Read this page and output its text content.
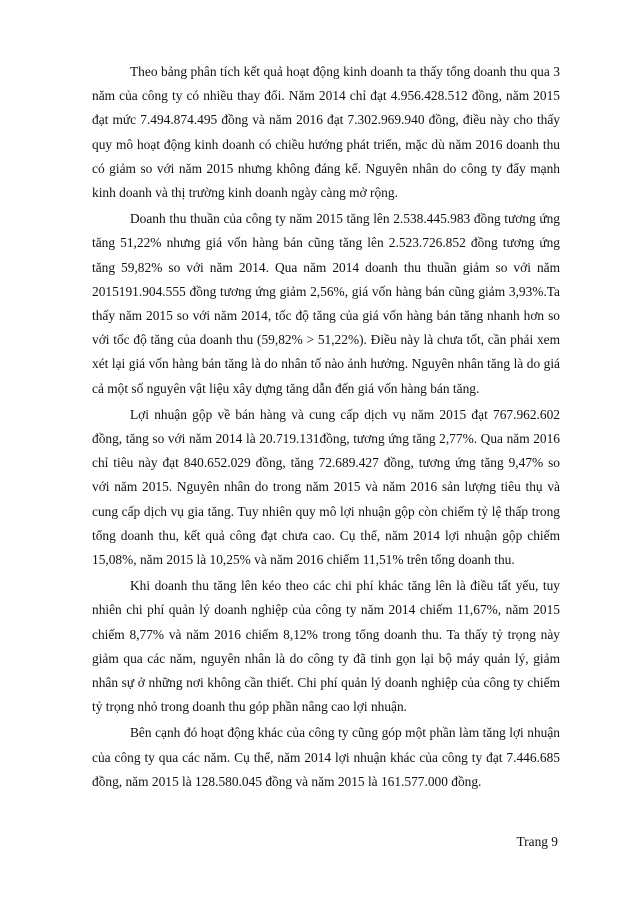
Theo bảng phân tích kết quả hoạt động kinh doanh ta thấy tổng doanh thu qua 3 năm của công ty có nhiều thay đổi. Năm 2014 chỉ đạt 4.956.428.512 đồng, năm 2015 đạt mức 7.494.874.495 đồng và năm 2016 đạt 7.302.969.940 đồng, điều này cho thấy quy mô hoạt động kinh doanh có chiều hướng phát triển, mặc dù năm 2016 doanh thu có giảm so với năm 2015 nhưng không đáng kể. Nguyên nhân do công ty đẩy mạnh kinh doanh và thị trường kinh doanh ngày càng mở rộng.

Doanh thu thuần của công ty năm 2015 tăng lên 2.538.445.983 đồng tương ứng tăng 51,22% nhưng giá vốn hàng bán cũng tăng lên 2.523.726.852 đồng tương ứng tăng 59,82% so với năm 2014. Qua năm 2014 doanh thu thuần giảm so với năm 2015191.904.555 đồng tương ứng giảm 2,56%, giá vốn hàng bán cũng giảm 3,93%.Ta thấy năm 2015 so với năm 2014, tốc độ tăng của giá vốn hàng bán tăng nhanh hơn so với tốc độ tăng của doanh thu (59,82% > 51,22%). Điều này là chưa tốt, cần phải xem xét lại giá vốn hàng bán tăng là do nhân tố nào ảnh hưởng. Nguyên nhân tăng là do giá cả một số nguyên vật liệu xây dựng tăng dẫn đến giá vốn hàng bán tăng.

Lợi nhuận gộp về bán hàng và cung cấp dịch vụ năm 2015 đạt 767.962.602 đồng, tăng so với năm 2014 là 20.719.131đồng, tương ứng tăng 2,77%. Qua năm 2016 chỉ tiêu này đạt 840.652.029 đồng, tăng 72.689.427 đồng, tương ứng tăng 9,47% so với năm 2015. Nguyên nhân do trong năm 2015 và năm 2016 sản lượng tiêu thụ và cung cấp dịch vụ gia tăng. Tuy nhiên quy mô lợi nhuận gộp còn chiếm tỷ lệ thấp trong tổng doanh thu, kết quả công đạt chưa cao. Cụ thể, năm 2014 lợi nhuận gộp chiếm 15,08%, năm 2015 là 10,25% và năm 2016 chiếm 11,51% trên tổng doanh thu.

Khi doanh thu tăng lên kéo theo các chi phí khác tăng lên là điều tất yếu, tuy nhiên chi phí quản lý doanh nghiệp của công ty năm 2014 chiếm 11,67%, năm 2015 chiếm 8,77% và năm 2016 chiếm 8,12% trong tổng doanh thu. Ta thấy tỷ trọng này giảm qua các năm, nguyên nhân là do công ty đã tinh gọn lại bộ máy quản lý, giảm nhân sự ở những nơi không cần thiết. Chi phí quản lý doanh nghiệp của công ty chiếm tỷ trọng nhỏ trong doanh thu góp phần nâng cao lợi nhuận.

Bên cạnh đó hoạt động khác của công ty cũng góp một phần làm tăng lợi nhuận của công ty qua các năm. Cụ thể, năm 2014 lợi nhuận khác của công ty đạt 7.446.685 đồng, năm 2015 là 128.580.045 đồng và năm 2015 là 161.577.000 đồng.

Trang 9
